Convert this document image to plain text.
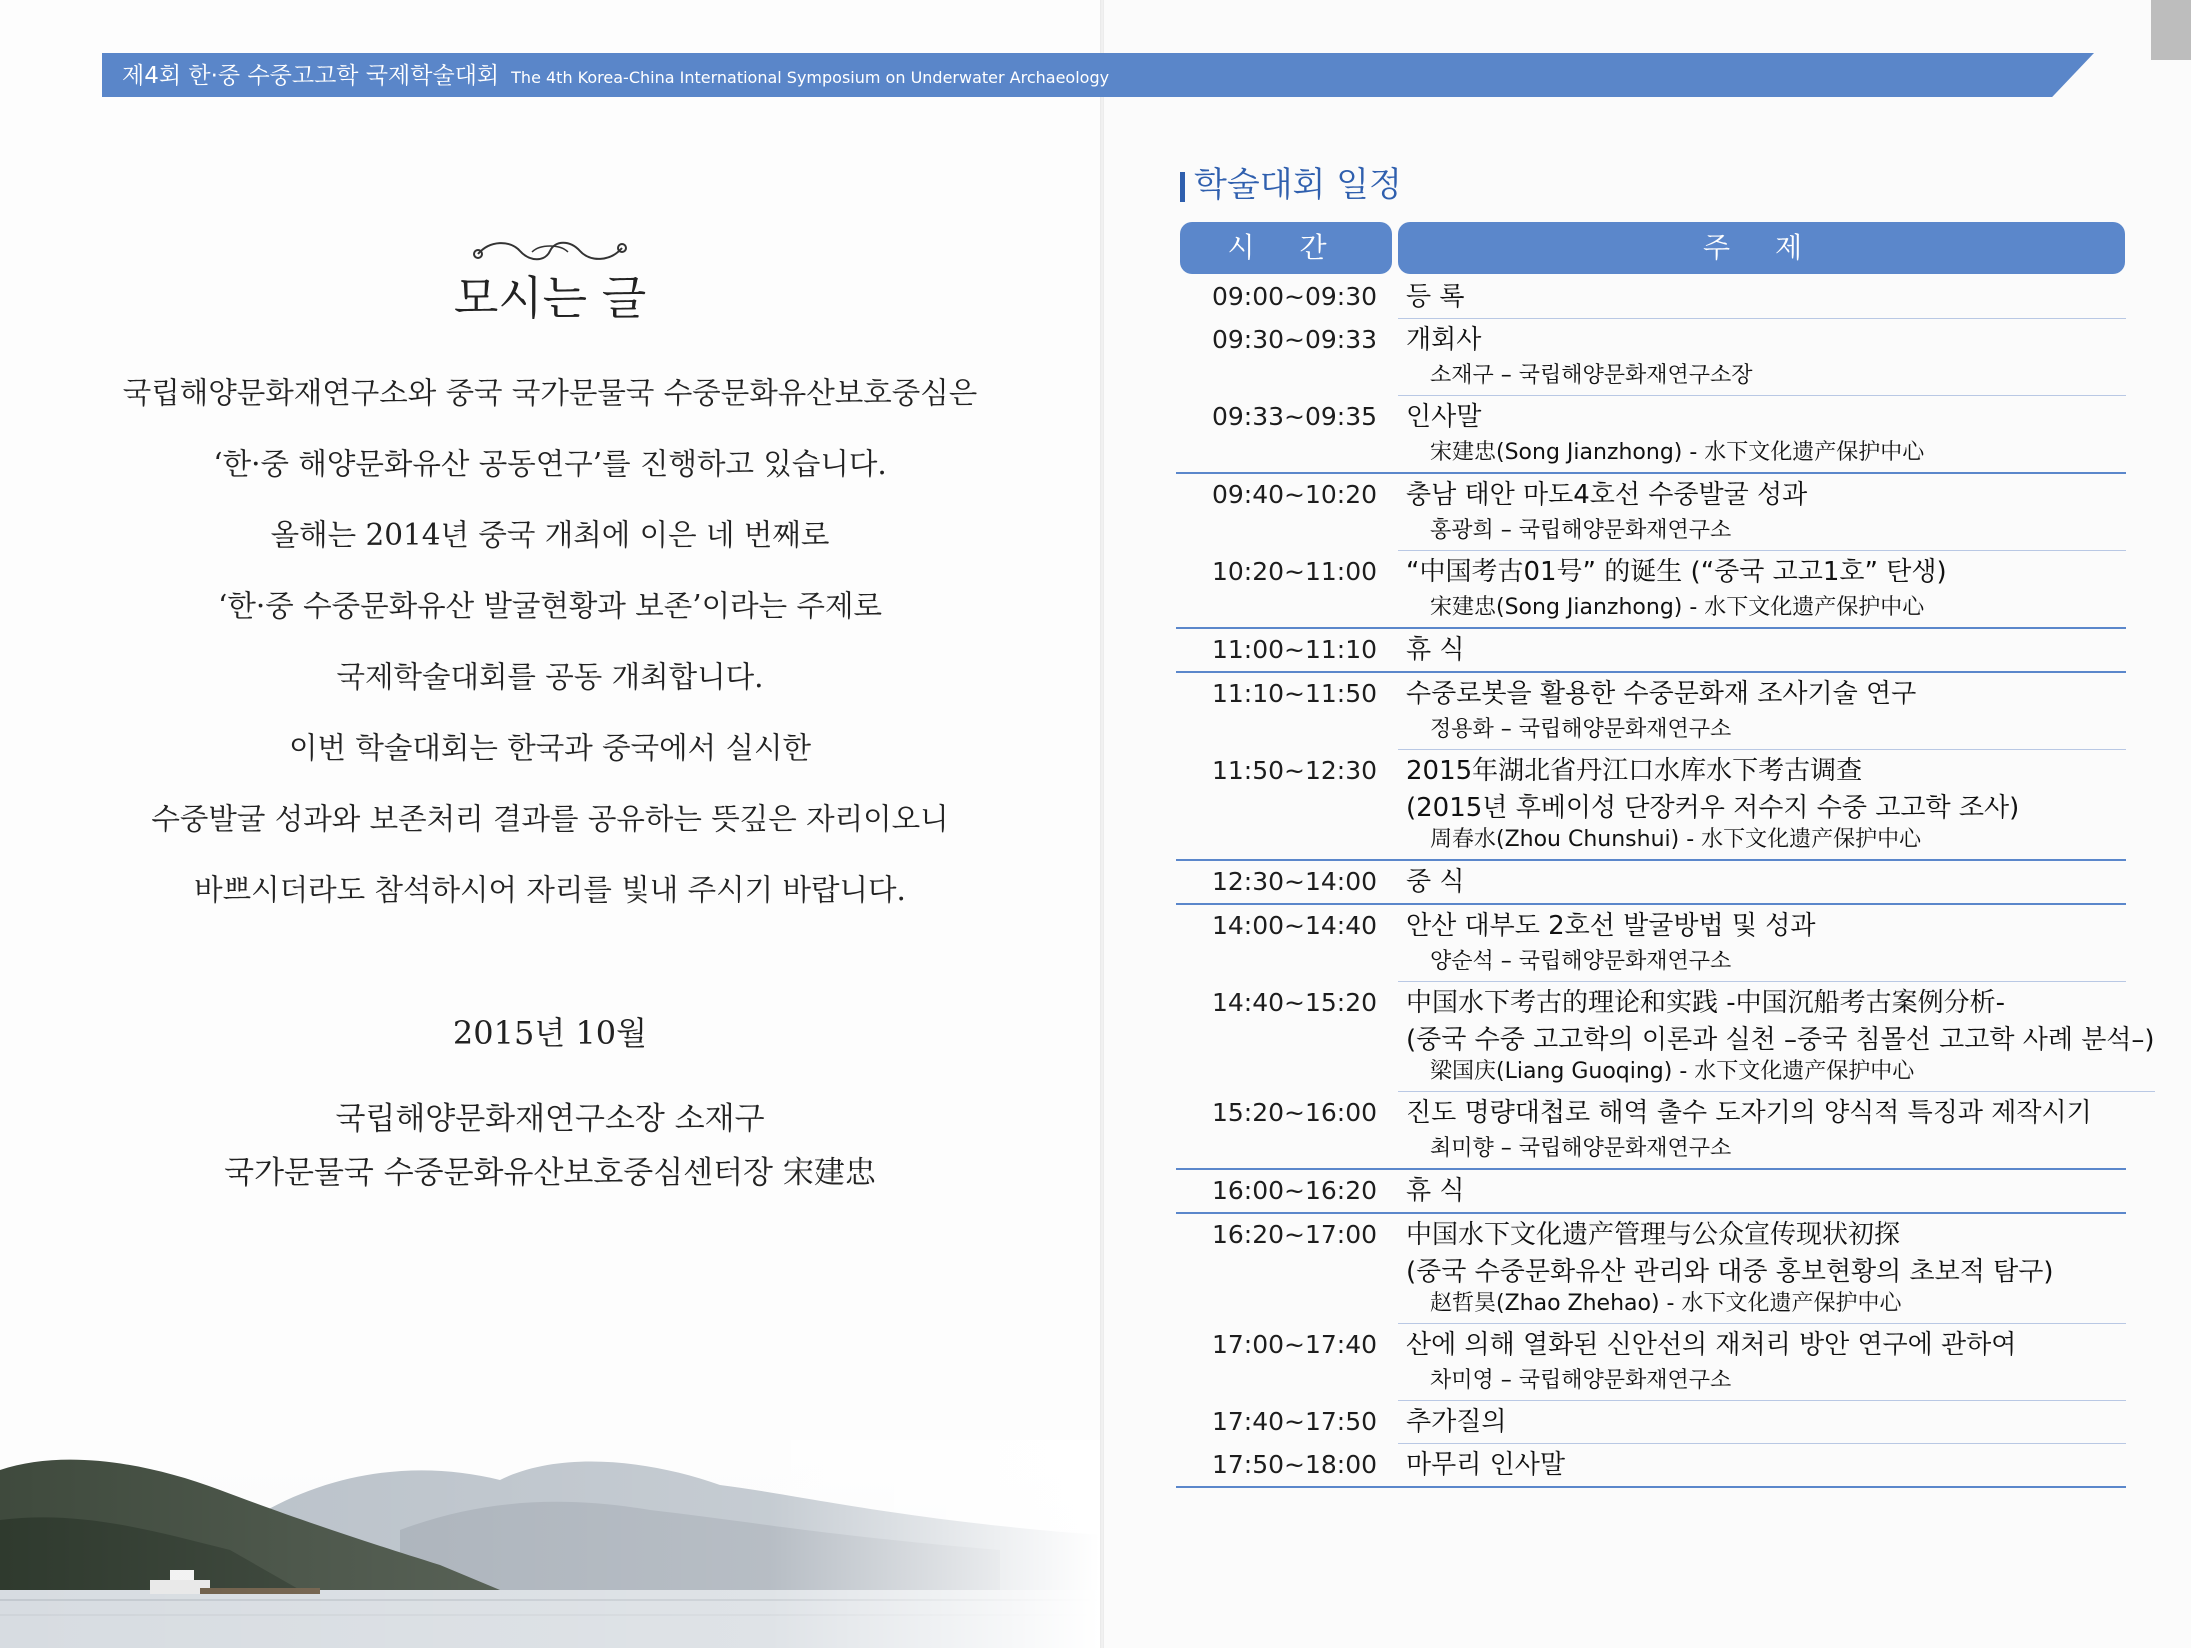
모시는 글
국립해양문화재연구소와 중국 국가문물국 수중문화유산보호중심은
‘한·중 해양문화유산 공동연구’를 진행하고 있습니다.
올해는 2014년 중국 개최에 이은 네 번째로
‘한·중 수중문화유산 발굴현황과 보존’이라는 주제로
국제학술대회를 공동 개최합니다.
이번 학술대회는 한국과 중국에서 실시한
수중발굴 성과와 보존처리 결과를 공유하는 뜻깊은 자리이오니
바쁘시더라도 참석하시어 자리를 빛내 주시기 바랍니다.
2015년 10월
국립해양문화재연구소장 소재구
국가문물국 수중문화유산보호중심센터장 宋建忠
제4회 한·중 수중고고학 국제학술대회 The 4th Korea-China International Symposium on Underwater Archaeology
학술대회 일정
시 간	주 제
09:00~09:30	등 록
09:30~09:33	개회사
소재구 – 국립해양문화재연구소장
09:33~09:35	인사말
宋建忠(Song Jianzhong) - 水下文化遗产保护中心
09:40~10:20	충남 태안 마도4호선 수중발굴 성과
홍광희 – 국립해양문화재연구소
10:20~11:00	“中国考古01号” 的诞生 (“중국 고고1호” 탄생)
宋建忠(Song Jianzhong) - 水下文化遗产保护中心
11:00~11:10	휴 식
11:10~11:50	수중로봇을 활용한 수중문화재 조사기술 연구
정용화 – 국립해양문화재연구소
11:50~12:30	2015年湖北省丹江口水库水下考古调查
(2015년 후베이성 단장커우 저수지 수중 고고학 조사)
周春水(Zhou Chunshui) - 水下文化遗产保护中心
12:30~14:00	중 식
14:00~14:40	안산 대부도 2호선 발굴방법 및 성과
양순석 – 국립해양문화재연구소
14:40~15:20	中国水下考古的理论和实践 -中国沉船考古案例分析-
(중국 수중 고고학의 이론과 실천 –중국 침몰선 고고학 사례 분석–)
梁国庆(Liang Guoqing) - 水下文化遗产保护中心
15:20~16:00	진도 명량대첩로 해역 출수 도자기의 양식적 특징과 제작시기
최미향 – 국립해양문화재연구소
16:00~16:20	휴 식
16:20~17:00	中国水下文化遗产管理与公众宣传现状初探
(중국 수중문화유산 관리와 대중 홍보현황의 초보적 탐구)
赵哲昊(Zhao Zhehao) - 水下文化遗产保护中心
17:00~17:40	산에 의해 열화된 신안선의 재처리 방안 연구에 관하여
차미영 – 국립해양문화재연구소
17:40~17:50	추가질의
17:50~18:00	마무리 인사말
